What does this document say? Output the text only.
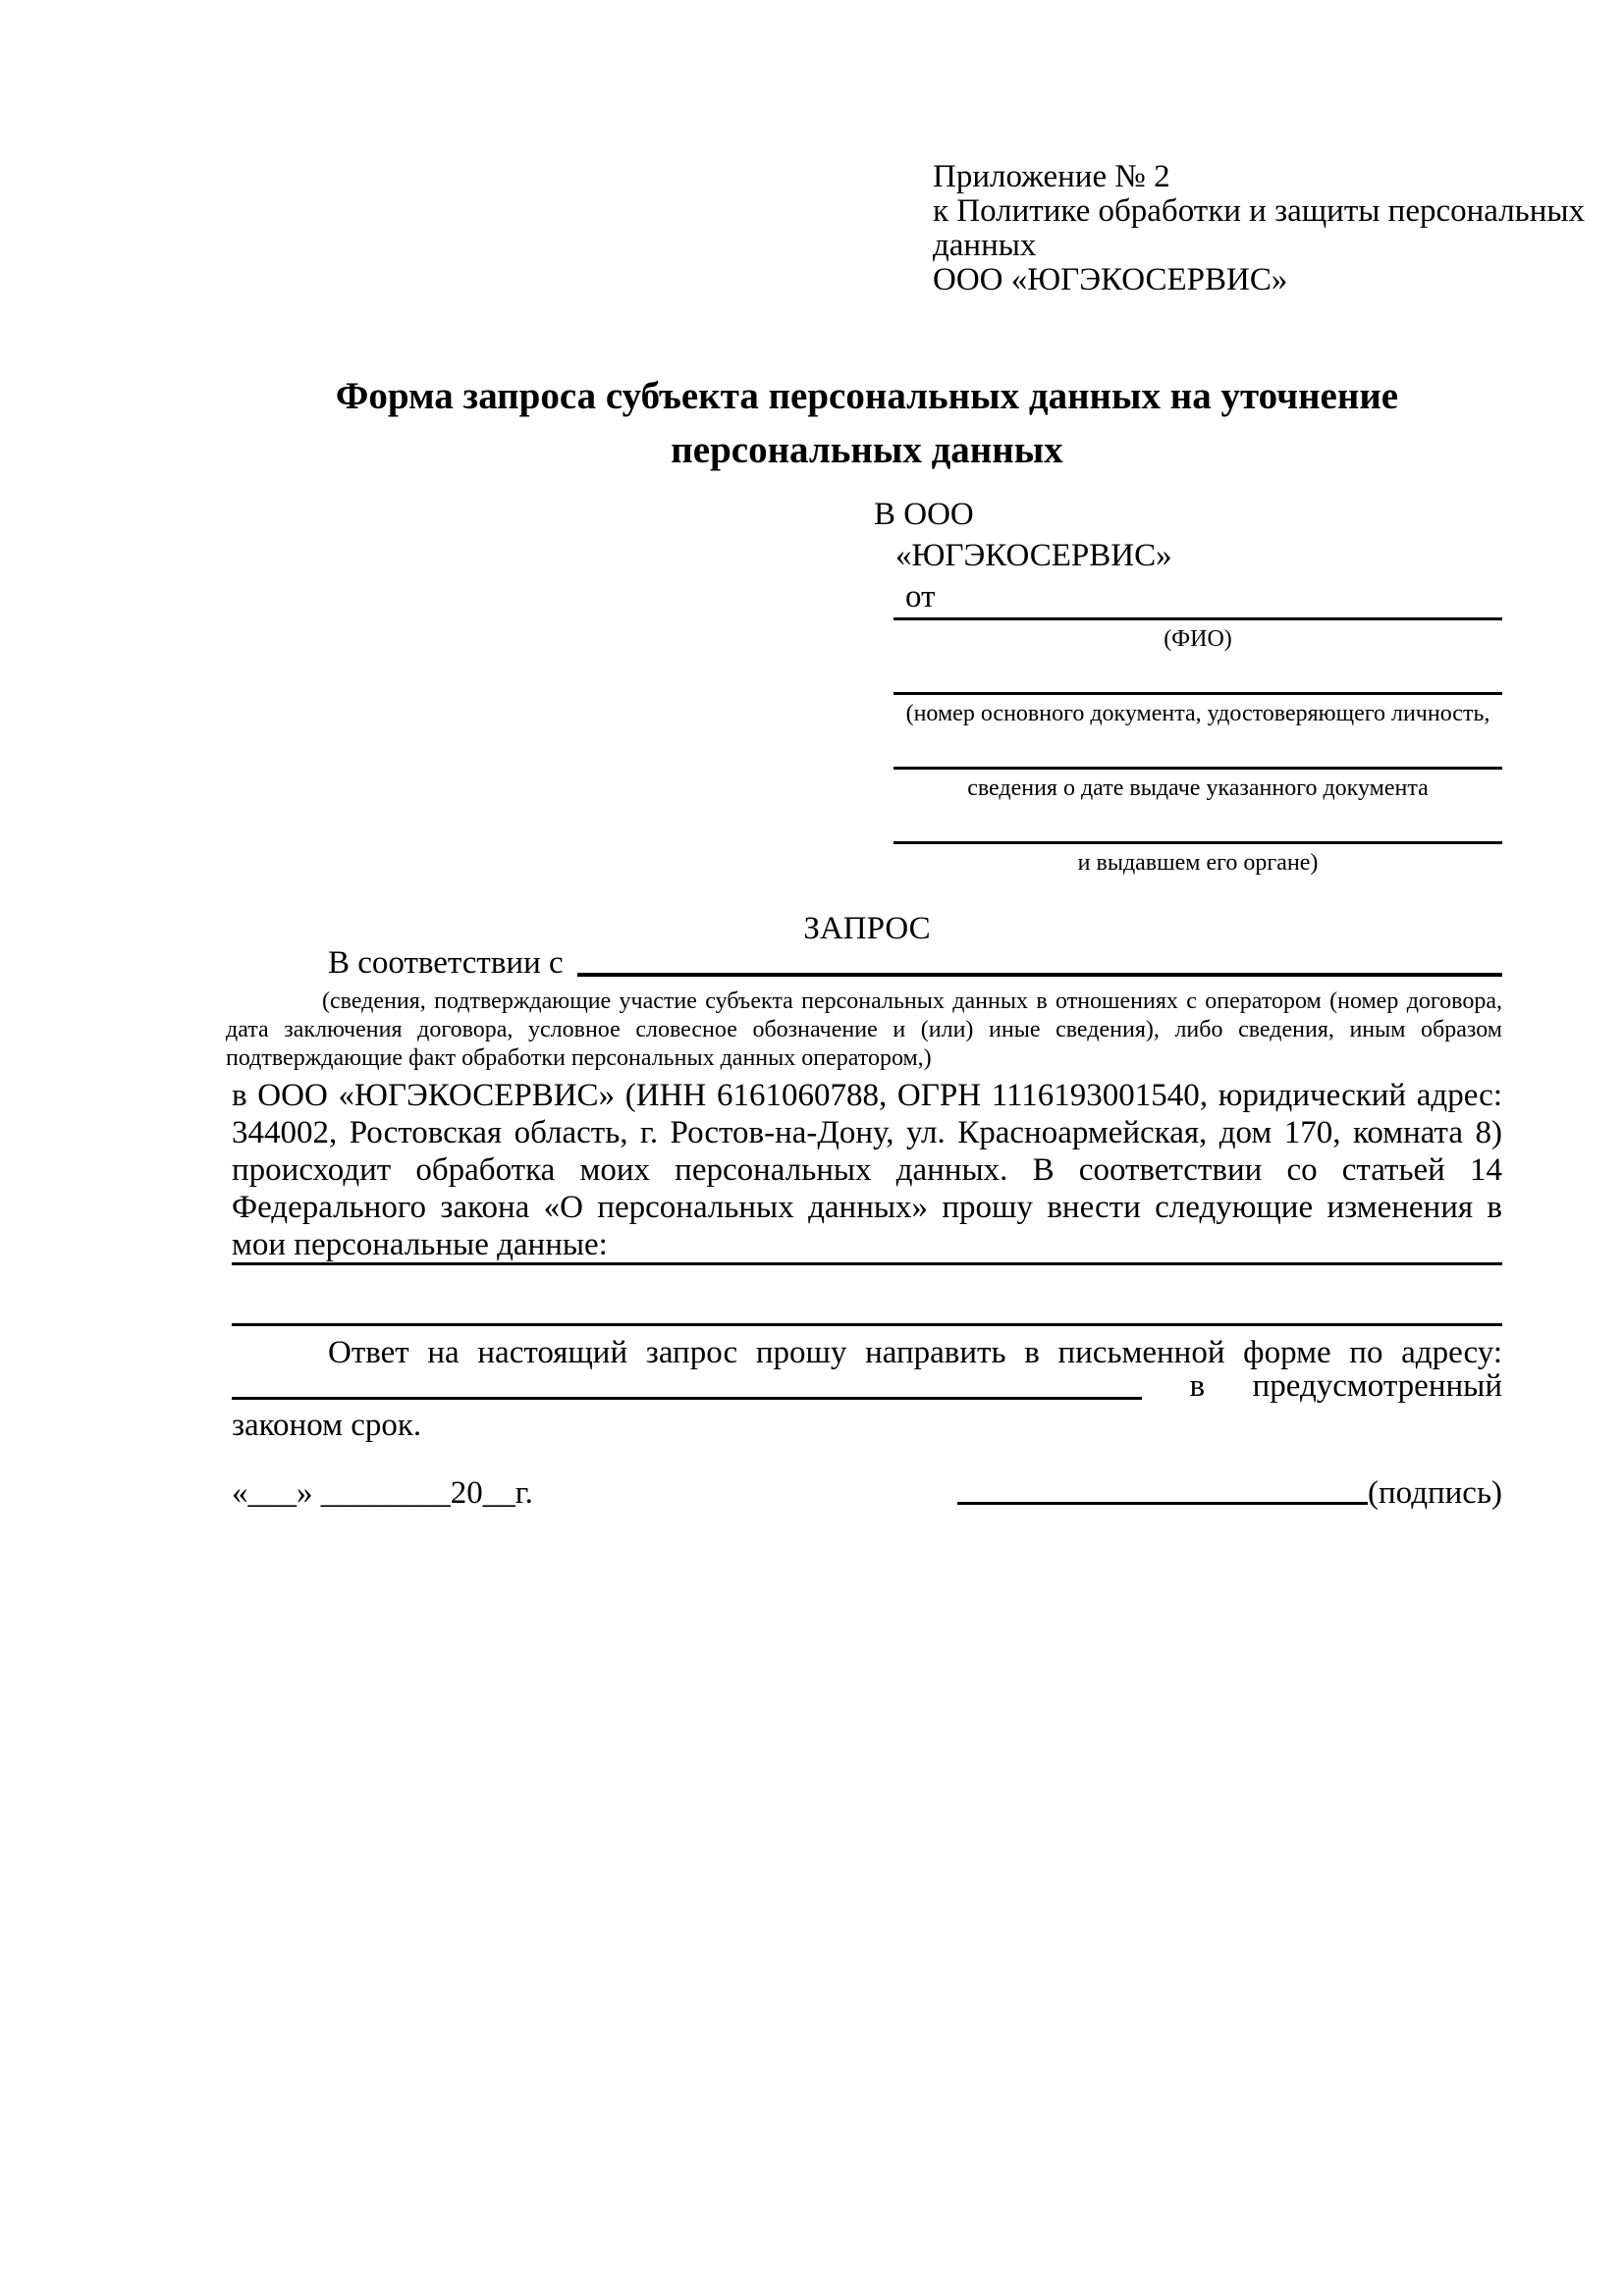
Приложение № 2
к Политике обработки и защиты персональных
данных
ООО «ЮГЭКОСЕРВИС»
Форма запроса субъекта персональных данных на уточнение персональных данных
В ООО
«ЮГЭКОСЕРВИС»
от
(ФИО)
(номер основного документа, удостоверяющего личность,
сведения о дате выдаче указанного документа
и выдавшем его органе)
ЗАПРОС
В соответствии с
(сведения, подтверждающие участие субъекта персональных данных в отношениях с оператором (номер договора, дата заключения договора, условное словесное обозначение и (или) иные сведения), либо сведения, иным образом подтверждающие факт обработки персональных данных оператором,)
в ООО «ЮГЭКОСЕРВИС» (ИНН 6161060788, ОГРН 1116193001540, юридический адрес: 344002, Ростовская область, г. Ростов-на-Дону, ул. Красноармейская, дом 170, комната 8) происходит обработка моих персональных данных. В соответствии со статьей 14 Федерального закона «О персональных данных» прошу внести следующие изменения в мои персональные данные:
Ответ на настоящий запрос прошу направить в письменной форме по адресу:
в предусмотренный
законом срок.
«___» ________20__г.	(подпись)
